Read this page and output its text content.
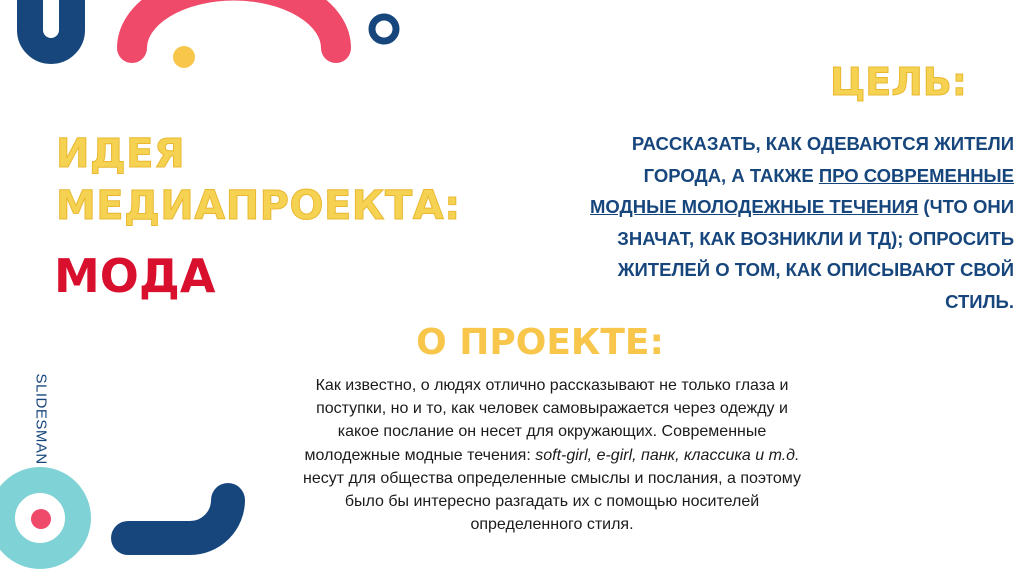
ИДЕЯ
МЕДИАПРОЕКТА:
МОДА
ЦЕЛЬ:
РАССКАЗАТЬ, КАК ОДЕВАЮТСЯ ЖИТЕЛИ
ГОРОДА, А ТАКЖЕ ПРО СОВРЕМЕННЫЕ
МОДНЫЕ МОЛОДЕЖНЫЕ ТЕЧЕНИЯ (ЧТО ОНИ
ЗНАЧАТ, КАК ВОЗНИКЛИ И ТД); ОПРОСИТЬ
ЖИТЕЛЕЙ О ТОМ, КАК ОПИСЫВАЮТ СВОЙ
СТИЛЬ.
О ПРОЕКТЕ:
Как известно, о людях отлично рассказывают не только глаза и
поступки, но и то, как человек самовыражается через одежду и
какое послание он несет для окружающих. Современные
молодежные модные течения: soft-girl, e-girl, панк, классика и т.д.
несут для общества определенные смыслы и послания, а поэтому
было бы интересно разгадать их с помощью носителей
определенного стиля.
SLIDESMAN
